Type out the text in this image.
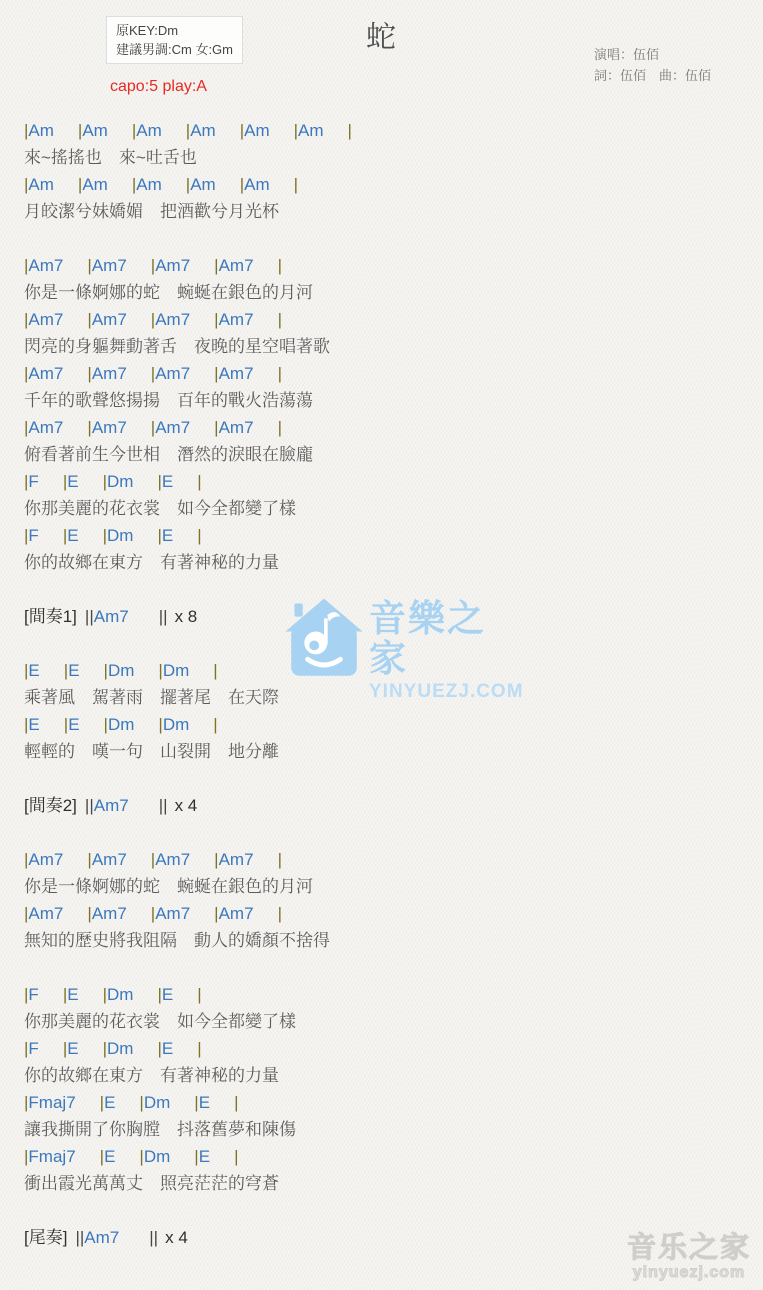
蛇
原KEY:Dm
建議男調:Cm 女:Gm
capo:5 play:A
演唱：伍佰
詞：伍佰　曲：伍佰
|Am |Am |Am |Am |Am |Am |
來~搖搖也　來~吐舌也
|Am |Am |Am |Am |Am |
月皎潔兮妹嬌媚　把酒歡兮月光杯

|Am7 |Am7 |Am7 |Am7 |
你是一條婀娜的蛇　蜿蜒在銀色的月河
|Am7 |Am7 |Am7 |Am7 |
閃亮的身軀舞動著舌　夜晚的星空唱著歌
|Am7 |Am7 |Am7 |Am7 |
千年的歌聲悠揚揚　百年的戰火浩蕩蕩
|Am7 |Am7 |Am7 |Am7 |
俯看著前生今世相　潛然的淚眼在臉龐
|F |E |Dm |E |
你那美麗的花衣裳　如今全都變了樣
|F |E |Dm |E |
你的故鄉在東方　有著神秘的力量

[間奏1] ||Am7 || x 8

|E |E |Dm |Dm |
乘著風　駕著雨　擺著尾　在天際
|E |E |Dm |Dm |
輕輕的　嘆一句　山裂開　地分離

[間奏2] ||Am7 || x 4

|Am7 |Am7 |Am7 |Am7 |
你是一條婀娜的蛇　蜿蜒在銀色的月河
|Am7 |Am7 |Am7 |Am7 |
無知的歷史將我阻隔　動人的嬌顏不捨得

|F |E |Dm |E |
你那美麗的花衣裳　如今全都變了樣
|F |E |Dm |E |
你的故鄉在東方　有著神秘的力量
|Fmaj7 |E |Dm |E |
讓我撕開了你胸膛　抖落舊夢和陳傷
|Fmaj7 |E |Dm |E |
衝出霞光萬萬丈　照亮茫茫的穹蒼

[尾奏] ||Am7 || x 4
音樂之家
YINYUEZJ.COM
音乐之家
yinyuezj.com
